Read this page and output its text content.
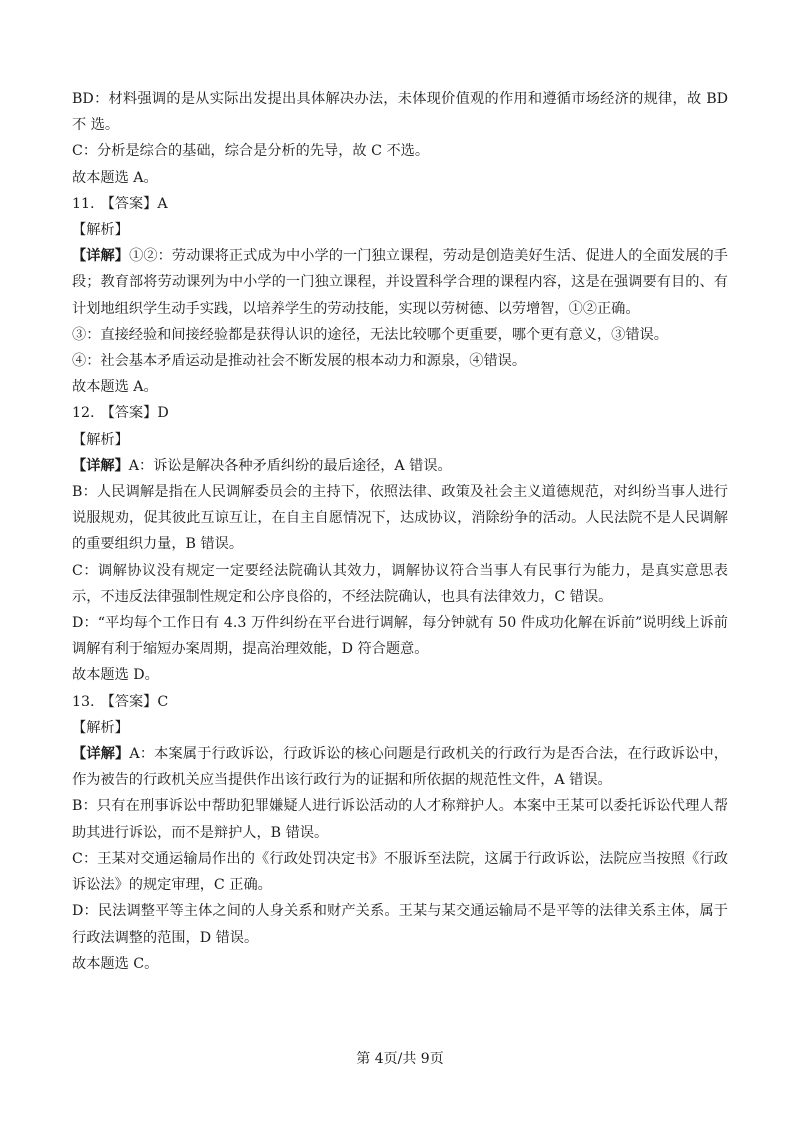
BD：材料强调的是从实际出发提出具体解决办法，未体现价值观的作用和遵循市场经济的规律，故 BD 不 选。

C：分析是综合的基础，综合是分析的先导，故 C 不选。

故本题选 A。

11. 【答案】A

【解析】

【详解】①②：劳动课将正式成为中小学的一门独立课程，劳动是创造美好生活、促进人的全面发展的手段；教育部将劳动课列为中小学的一门独立课程，并设置科学合理的课程内容，这是在强调要有目的、有计划地组织学生动手实践，以培养学生的劳动技能，实现以劳树德、以劳增智，①②正确。

③：直接经验和间接经验都是获得认识的途径，无法比较哪个更重要，哪个更有意义，③错误。

④：社会基本矛盾运动是推动社会不断发展的根本动力和源泉，④错误。

故本题选 A。

12. 【答案】D

【解析】

【详解】A：诉讼是解决各种矛盾纠纷的最后途径，A 错误。

B：人民调解是指在人民调解委员会的主持下，依照法律、政策及社会主义道德规范，对纠纷当事人进行说服规劝，促其彼此互谅互让，在自主自愿情况下，达成协议，消除纷争的活动。人民法院不是人民调解的重要组织力量，B 错误。

C：调解协议没有规定一定要经法院确认其效力，调解协议符合当事人有民事行为能力，是真实意思表示，不违反法律强制性规定和公序良俗的，不经法院确认，也具有法律效力，C 错误。

D：“平均每个工作日有 4.3 万件纠纷在平台进行调解，每分钟就有 50 件成功化解在诉前”说明线上诉前调解有利于缩短办案周期，提高治理效能，D 符合题意。

故本题选 D。

13. 【答案】C

【解析】

【详解】A：本案属于行政诉讼，行政诉讼的核心问题是行政机关的行政行为是否合法，在行政诉讼中，作为被告的行政机关应当提供作出该行政行为的证据和所依据的规范性文件，A 错误。

B：只有在刑事诉讼中帮助犯罪嫌疑人进行诉讼活动的人才称辩护人。本案中王某可以委托诉讼代理人帮助其进行诉讼，而不是辩护人，B 错误。

C：王某对交通运输局作出的《行政处罚决定书》不服诉至法院，这属于行政诉讼，法院应当按照《行政诉讼法》的规定审理，C 正确。

D：民法调整平等主体之间的人身关系和财产关系。王某与某交通运输局不是平等的法律关系主体，属于行政法调整的范围，D 错误。

故本题选 C。

第 4页/共 9页
